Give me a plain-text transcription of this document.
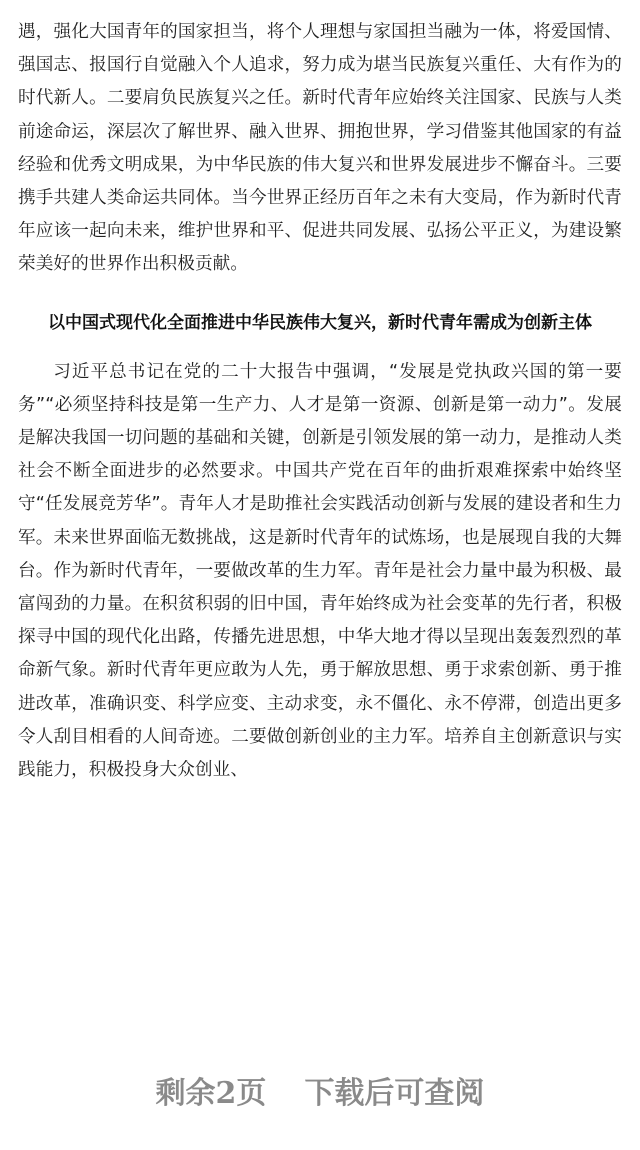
遇，强化大国青年的国家担当，将个人理想与家国担当融为一体，将爱国情、强国志、报国行自觉融入个人追求，努力成为堪当民族复兴重任、大有作为的时代新人。二要肩负民族复兴之任。新时代青年应始终关注国家、民族与人类前途命运，深层次了解世界、融入世界、拥抱世界，学习借鉴其他国家的有益经验和优秀文明成果，为中华民族的伟大复兴和世界发展进步不懈奋斗。三要携手共建人类命运共同体。当今世界正经历百年之未有大变局，作为新时代青年应该一起向未来，维护世界和平、促进共同发展、弘扬公平正义，为建设繁荣美好的世界作出积极贡献。

以中国式现代化全面推进中华民族伟大复兴，新时代青年需成为创新主体

习近平总书记在党的二十大报告中强调，“发展是党执政兴国的第一要务”“必须坚持科技是第一生产力、人才是第一资源、创新是第一动力”。发展是解决我国一切问题的基础和关键，创新是引领发展的第一动力，是推动人类社会不断全面进步的必然要求。中国共产党在百年的曲折艰难探索中始终坚守“任发展竞芳华”。青年人才是助推社会实践活动创新与发展的建设者和生力军。未来世界面临无数挑战，这是新时代青年的试炼场，也是展现自我的大舞台。作为新时代青年，一要做改革的生力军。青年是社会力量中最为积极、最富闯劲的力量。在积贫积弱的旧中国，青年始终成为社会变革的先行者，积极探寻中国的现代化出路，传播先进思想，中华大地才得以呈现出轰轰烈烈的革命新气象。新时代青年更应敢为人先，勇于解放思想、勇于求索创新、勇于推进改革，准确识变、科学应变、主动求变，永不僵化、永不停滞，创造出更多令人刮目相看的人间奇迹。二要做创新创业的主力军。培养自主创新意识与实践能力，积极投身大众创业、

剩余2页 下载后可查阅
